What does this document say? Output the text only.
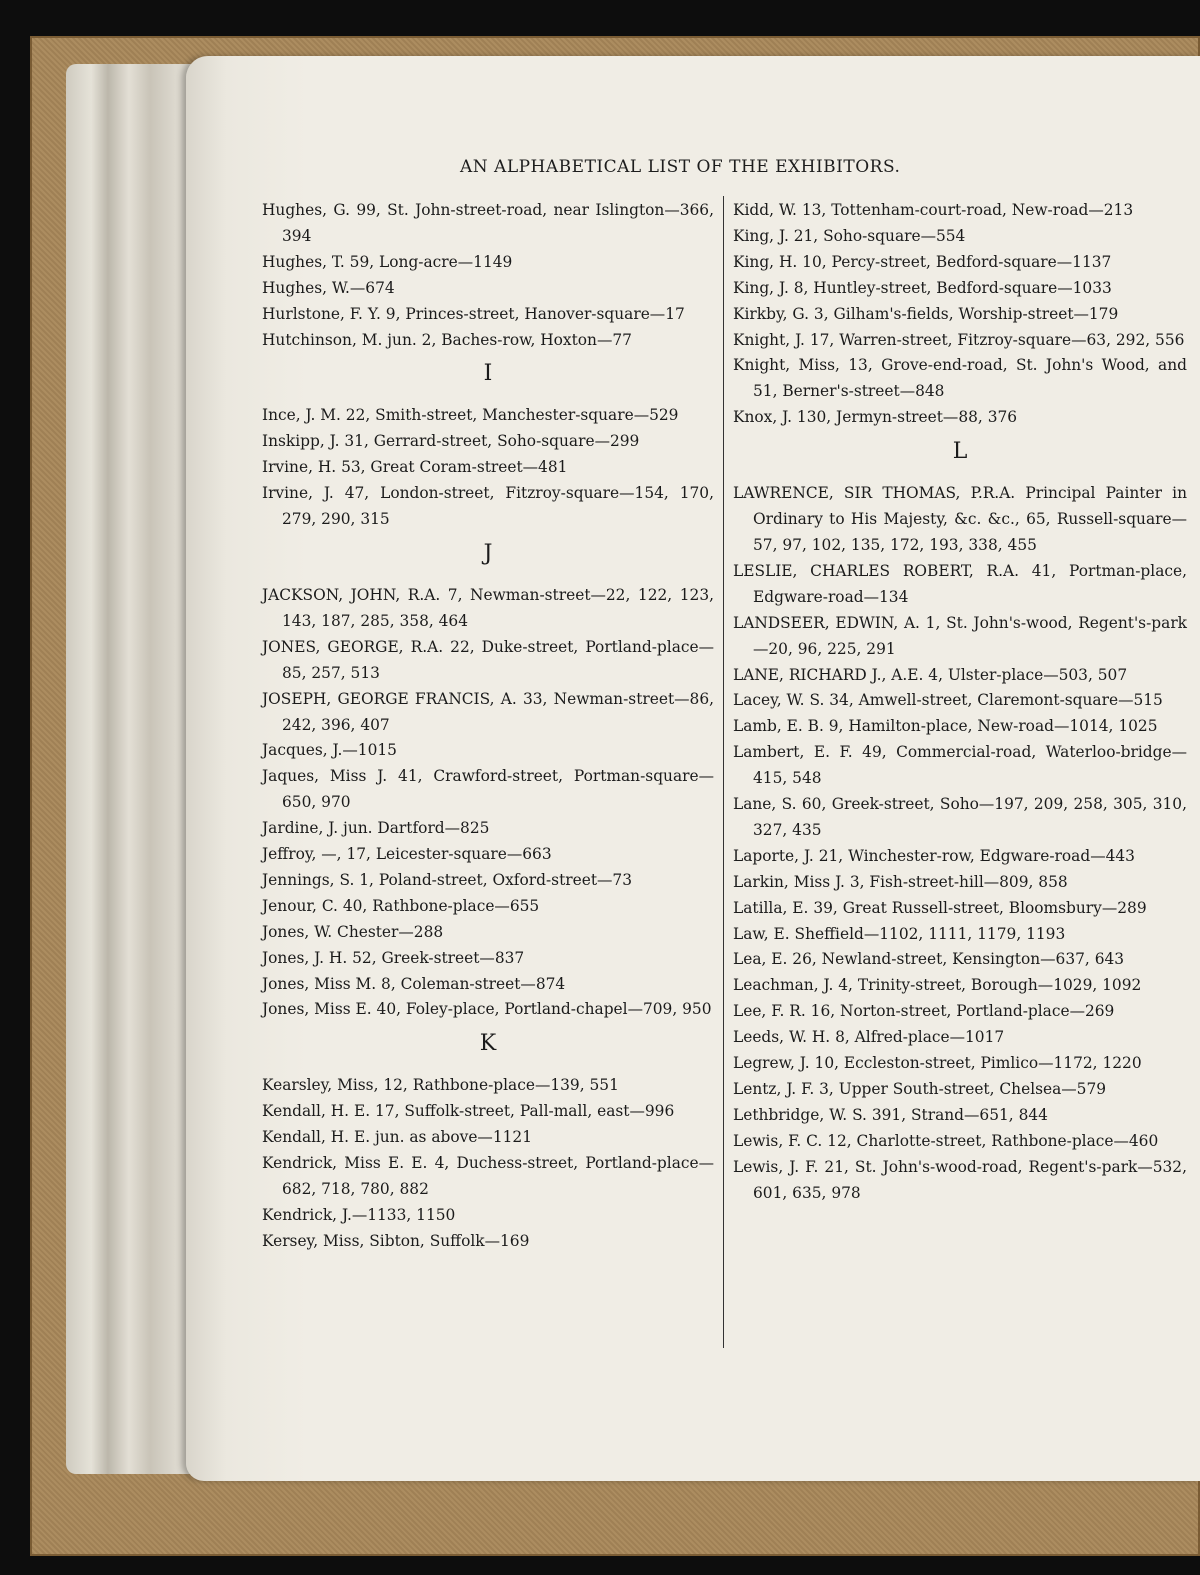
AN ALPHABETICAL LIST OF THE EXHIBITORS.
Hughes, G. 99, St. John-street-road, near Islington—366, 394
Hughes, T. 59, Long-acre—1149
Hughes, W.—674
Hurlstone, F. Y. 9, Princes-street, Hanover-square—17
Hutchinson, M. jun. 2, Baches-row, Hoxton—77
I
Ince, J. M. 22, Smith-street, Manchester-square—529
Inskipp, J. 31, Gerrard-street, Soho-square—299
Irvine, H. 53, Great Coram-street—481
Irvine, J. 47, London-street, Fitzroy-square—154, 170, 279, 290, 315
J
JACKSON, JOHN, R.A. 7, Newman-street—22, 122, 123, 143, 187, 285, 358, 464
JONES, GEORGE, R.A. 22, Duke-street, Portland-place—85, 257, 513
JOSEPH, GEORGE FRANCIS, A. 33, Newman-street—86, 242, 396, 407
Jacques, J.—1015
Jaques, Miss J. 41, Crawford-street, Portman-square—650, 970
Jardine, J. jun. Dartford—825
Jeffroy, —, 17, Leicester-square—663
Jennings, S. 1, Poland-street, Oxford-street—73
Jenour, C. 40, Rathbone-place—655
Jones, W. Chester—288
Jones, J. H. 52, Greek-street—837
Jones, Miss M. 8, Coleman-street—874
Jones, Miss E. 40, Foley-place, Portland-chapel—709, 950
K
Kearsley, Miss, 12, Rathbone-place—139, 551
Kendall, H. E. 17, Suffolk-street, Pall-mall, east—996
Kendall, H. E. jun. as above—1121
Kendrick, Miss E. E. 4, Duchess-street, Portland-place—682, 718, 780, 882
Kendrick, J.—1133, 1150
Kersey, Miss, Sibton, Suffolk—169
Kidd, W. 13, Tottenham-court-road, New-road—213
King, J. 21, Soho-square—554
King, H. 10, Percy-street, Bedford-square—1137
King, J. 8, Huntley-street, Bedford-square—1033
Kirkby, G. 3, Gilham's-fields, Worship-street—179
Knight, J. 17, Warren-street, Fitzroy-square—63, 292, 556
Knight, Miss, 13, Grove-end-road, St. John's Wood, and 51, Berner's-street—848
Knox, J. 130, Jermyn-street—88, 376
L
LAWRENCE, SIR THOMAS, P.R.A. Principal Painter in Ordinary to His Majesty, &c. &c., 65, Russell-square—57, 97, 102, 135, 172, 193, 338, 455
LESLIE, CHARLES ROBERT, R.A. 41, Portman-place, Edgware-road—134
LANDSEER, EDWIN, A. 1, St. John's-wood, Regent's-park—20, 96, 225, 291
LANE, RICHARD J., A.E. 4, Ulster-place—503, 507
Lacey, W. S. 34, Amwell-street, Claremont-square—515
Lamb, E. B. 9, Hamilton-place, New-road—1014, 1025
Lambert, E. F. 49, Commercial-road, Waterloo-bridge—415, 548
Lane, S. 60, Greek-street, Soho—197, 209, 258, 305, 310, 327, 435
Laporte, J. 21, Winchester-row, Edgware-road—443
Larkin, Miss J. 3, Fish-street-hill—809, 858
Latilla, E. 39, Great Russell-street, Bloomsbury—289
Law, E. Sheffield—1102, 1111, 1179, 1193
Lea, E. 26, Newland-street, Kensington—637, 643
Leachman, J. 4, Trinity-street, Borough—1029, 1092
Lee, F. R. 16, Norton-street, Portland-place—269
Leeds, W. H. 8, Alfred-place—1017
Legrew, J. 10, Eccleston-street, Pimlico—1172, 1220
Lentz, J. F. 3, Upper South-street, Chelsea—579
Lethbridge, W. S. 391, Strand—651, 844
Lewis, F. C. 12, Charlotte-street, Rathbone-place—460
Lewis, J. F. 21, St. John's-wood-road, Regent's-park—532, 601, 635, 978
